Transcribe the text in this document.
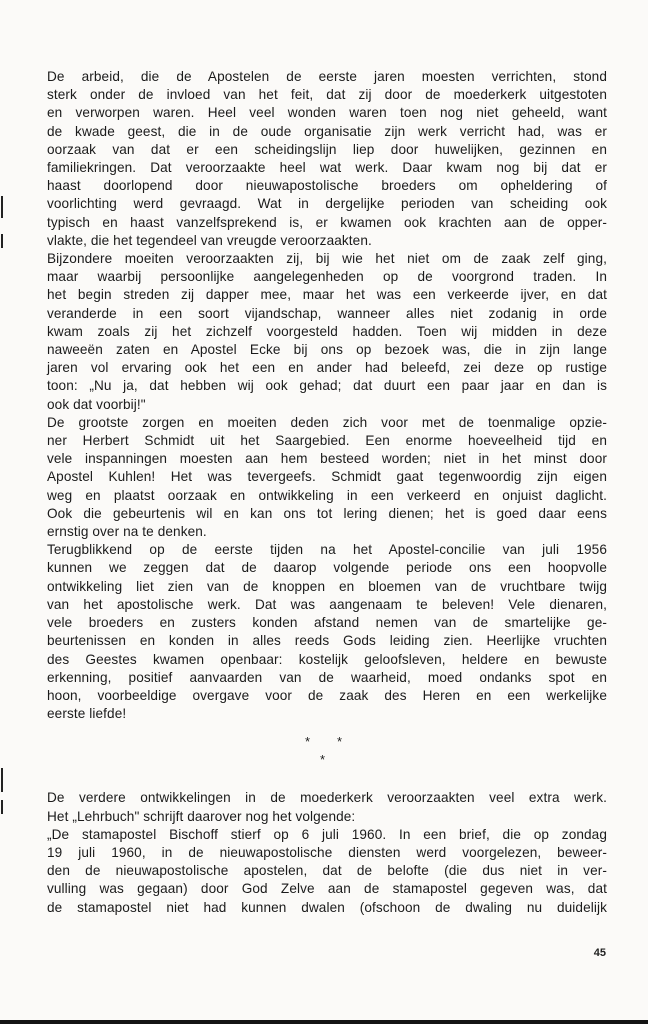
De arbeid, die de Apostelen de eerste jaren moesten verrichten, stond

sterk onder de invloed van het feit, dat zij door de moederkerk uitgestoten

en verworpen waren. Heel veel wonden waren toen nog niet geheeld, want

de kwade geest, die in de oude organisatie zijn werk verricht had, was er

oorzaak van dat er een scheidingslijn liep door huwelijken, gezinnen en

familiekringen. Dat veroorzaakte heel wat werk. Daar kwam nog bij dat er

haast doorlopend door nieuwapostolische broeders om opheldering of

voorlichting werd gevraagd. Wat in dergelijke perioden van scheiding ook

typisch en haast vanzelfsprekend is, er kwamen ook krachten aan de opper-

vlakte, die het tegendeel van vreugde veroorzaakten.

Bijzondere moeiten veroorzaakten zij, bij wie het niet om de zaak zelf ging,

maar waarbij persoonlijke aangelegenheden op de voorgrond traden. In

het begin streden zij dapper mee, maar het was een verkeerde ijver, en dat

veranderde in een soort vijandschap, wanneer alles niet zodanig in orde

kwam zoals zij het zichzelf voorgesteld hadden. Toen wij midden in deze

naweeën zaten en Apostel Ecke bij ons op bezoek was, die in zijn lange

jaren vol ervaring ook het een en ander had beleefd, zei deze op rustige

toon: „Nu ja, dat hebben wij ook gehad; dat duurt een paar jaar en dan is

ook dat voorbij!"

De grootste zorgen en moeiten deden zich voor met de toenmalige opzie-

ner Herbert Schmidt uit het Saargebied. Een enorme hoeveelheid tijd en

vele inspanningen moesten aan hem besteed worden; niet in het minst door

Apostel Kuhlen! Het was tevergeefs. Schmidt gaat tegenwoordig zijn eigen

weg en plaatst oorzaak en ontwikkeling in een verkeerd en onjuist daglicht.

Ook die gebeurtenis wil en kan ons tot lering dienen; het is goed daar eens

ernstig over na te denken.

Terugblikkend op de eerste tijden na het Apostel-concilie van juli 1956

kunnen we zeggen dat de daarop volgende periode ons een hoopvolle

ontwikkeling liet zien van de knoppen en bloemen van de vruchtbare twijg

van het apostolische werk. Dat was aangenaam te beleven! Vele dienaren,

vele broeders en zusters konden afstand nemen van de smartelijke ge-

beurtenissen en konden in alles reeds Gods leiding zien. Heerlijke vruchten

des Geestes kwamen openbaar: kostelijk geloofsleven, heldere en bewuste

erkenning, positief aanvaarden van de waarheid, moed ondanks spot en

hoon, voorbeeldige overgave voor de zaak des Heren en een werkelijke

eerste liefde!

* *
*

De verdere ontwikkelingen in de moederkerk veroorzaakten veel extra werk.

Het „Lehrbuch" schrijft daarover nog het volgende:

„De stamapostel Bischoff stierf op 6 juli 1960. In een brief, die op zondag

19 juli 1960, in de nieuwapostolische diensten werd voorgelezen, beweer-

den de nieuwapostolische apostelen, dat de belofte (die dus niet in ver-

vulling was gegaan) door God Zelve aan de stamapostel gegeven was, dat

de stamapostel niet had kunnen dwalen (ofschoon de dwaling nu duidelijk

45
